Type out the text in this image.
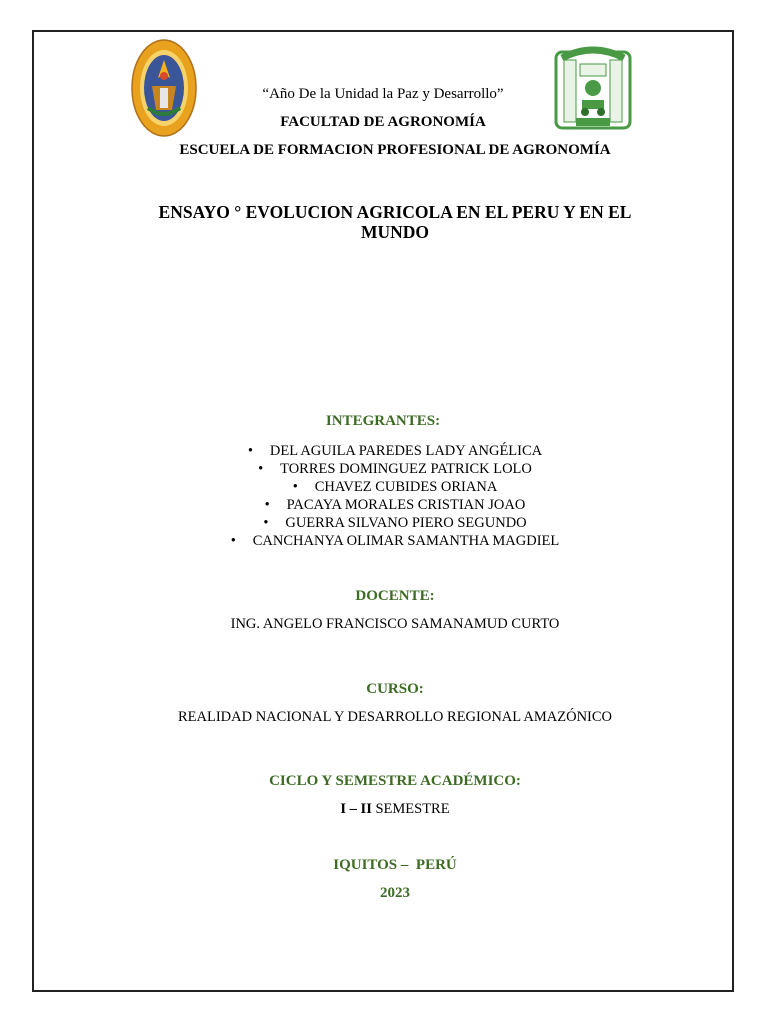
“Año De la Unidad la Paz y Desarrollo”
FACULTAD DE AGRONOMÍA
ESCUELA DE FORMACION PROFESIONAL DE AGRONOMÍA
ENSAYO ° EVOLUCION AGRICOLA EN EL PERU Y EN EL MUNDO
INTEGRANTES:
• DEL AGUILA PAREDES LADY ANGÉLICA
• TORRES DOMINGUEZ PATRICK LOLO
• CHAVEZ CUBIDES ORIANA
• PACAYA MORALES CRISTIAN JOAO
• GUERRA SILVANO PIERO SEGUNDO
• CANCHANYA OLIMAR SAMANTHA MAGDIEL
DOCENTE:
ING. ANGELO FRANCISCO SAMANAMUD CURTO
CURSO:
REALIDAD NACIONAL Y DESARROLLO REGIONAL AMAZÓNICO
CICLO Y SEMESTRE ACADÉMICO:
I – II SEMESTRE
IQUITOS –  PERÚ
2023
